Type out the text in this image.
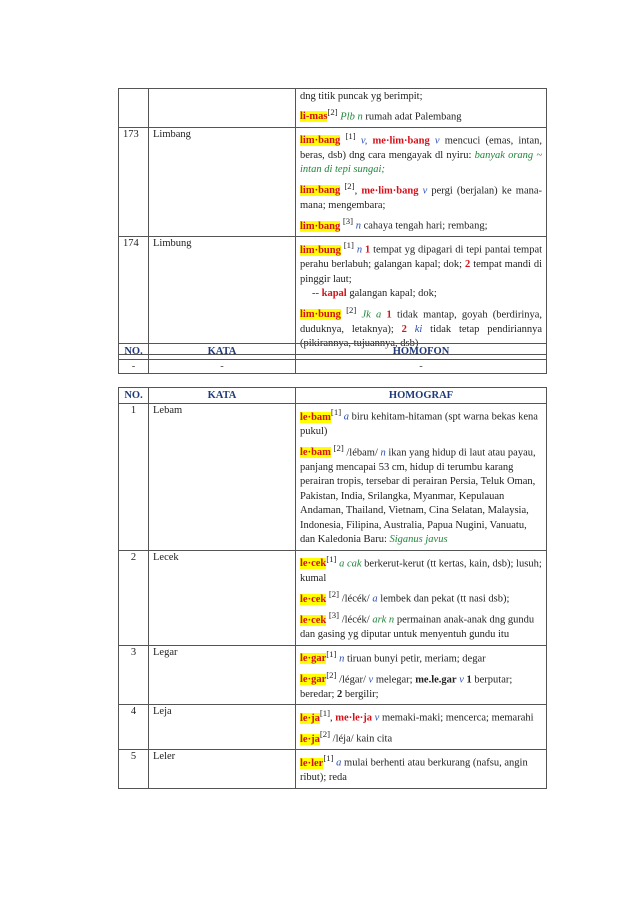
		dng titik puncak yg berimpit;
li-mas[2] Plb n rumah adat Palembang

173	Limbang	lim·bang [1] v, me·lim·bang v mencuci (emas, intan, beras, dsb) dng cara mengayak dl nyiru: banyak orang ~ intan di tepi sungai;
lim·bang [2], me·lim·bang v pergi (berjalan) ke mana-mana; mengembara;
lim·bang [3] n cahaya tengah hari; rembang;

174	Limbung	lim·bung [1] n 1 tempat yg dipagari di tepi pantai tempat perahu berlabuh; galangan kapal; dok; 2 tempat mandi di pinggir laut;
-- kapal galangan kapal; dok;
lim·bung [2] Jk a 1 tidak mantap, goyah (berdirinya, duduknya, letaknya); 2 ki tidak tetap pendiriannya (pikirannya, tujuannya, dsb)
NO.	KATA	HOMOFON
-	-	-
NO.	KATA	HOMOGRAF
1	Lebam	le·bam[1] a biru kehitam-hitaman (spt warna bekas kena pukul)
le·bam [2] /lébam/ n ikan yang hidup di laut atau payau, panjang mencapai 53 cm, hidup di terumbu karang perairan tropis, tersebar di perairan Persia, Teluk Oman, Pakistan, India, Srilangka, Myanmar, Kepulauan Andaman, Thailand, Vietnam, Cina Selatan, Malaysia, Indonesia, Filipina, Australia, Papua Nugini, Vanuatu, dan Kaledonia Baru: Siganus javus

2	Lecek	le·cek[1] a cak berkerut-kerut (tt kertas, kain, dsb); lusuh; kumal
le·cek [2] /lécék/ a lembek dan pekat (tt nasi dsb);
le·cek [3] /lécék/ ark n permainan anak-anak dng gundu dan gasing yg diputar untuk menyentuh gundu itu

3	Legar	le·gar[1] n tiruan bunyi petir, meriam; degar
le·gar[2] /légar/ v melegar; me.le.gar v 1 berputar; beredar; 2 bergilir;

4	Leja	le·ja[1], me·le·ja v memaki-maki; mencerca; memarahi
le·ja[2] /léja/ kain cita

5	Leler	le·ler[1] a mulai berhenti atau berkurang (nafsu, angin ribut); reda
